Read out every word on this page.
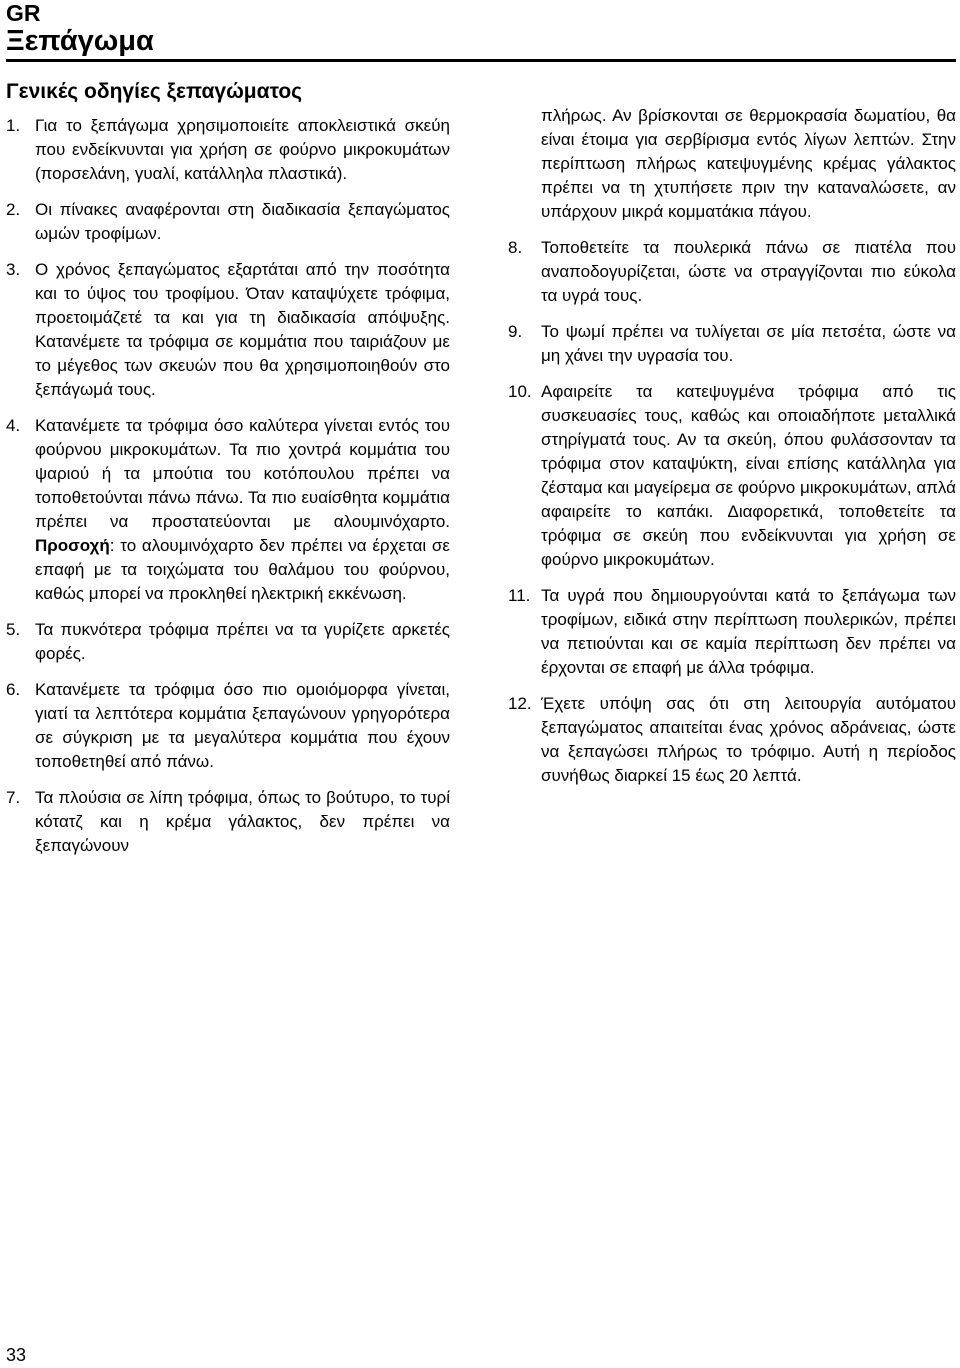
GR
Ξεπάγωμα
Γενικές οδηγίες ξεπαγώματος
1. Για το ξεπάγωμα χρησιμοποιείτε αποκλειστικά σκεύη που ενδείκνυνται για χρήση σε φούρνο μικροκυμάτων (πορσελάνη, γυαλί, κατάλληλα πλαστικά).
2. Οι πίνακες αναφέρονται στη διαδικασία ξεπαγώματος ωμών τροφίμων.
3. Ο χρόνος ξεπαγώματος εξαρτάται από την ποσότητα και το ύψος του τροφίμου. Όταν καταψύχετε τρόφιμα, προετοιμάζετέ τα και για τη διαδικασία απόψυξης. Κατανέμετε τα τρόφιμα σε κομμάτια που ταιριάζουν με το μέγεθος των σκευών που θα χρησιμοποιηθούν στο ξεπάγωμά τους.
4. Κατανέμετε τα τρόφιμα όσο καλύτερα γίνεται εντός του φούρνου μικροκυμάτων. Τα πιο χοντρά κομμάτια του ψαριού ή τα μπούτια του κοτόπουλου πρέπει να τοποθετούνται πάνω πάνω. Τα πιο ευαίσθητα κομμάτια πρέπει να προστατεύονται με αλουμινόχαρτο. Προσοχή: το αλουμινόχαρτο δεν πρέπει να έρχεται σε επαφή με τα τοιχώματα του θαλάμου του φούρνου, καθώς μπορεί να προκληθεί ηλεκτρική εκκένωση.
5. Τα πυκνότερα τρόφιμα πρέπει να τα γυρίζετε αρκετές φορές.
6. Κατανέμετε τα τρόφιμα όσο πιο ομοιόμορφα γίνεται, γιατί τα λεπτότερα κομμάτια ξεπαγώνουν γρηγορότερα σε σύγκριση με τα μεγαλύτερα κομμάτια που έχουν τοποθετηθεί από πάνω.
7. Τα πλούσια σε λίπη τρόφιμα, όπως το βούτυρο, το τυρί κότατζ και η κρέμα γάλακτος, δεν πρέπει να ξεπαγώνουν
πλήρως. Αν βρίσκονται σε θερμοκρασία δωματίου, θα είναι έτοιμα για σερβίρισμα εντός λίγων λεπτών. Στην περίπτωση πλήρως κατεψυγμένης κρέμας γάλακτος πρέπει να τη χτυπήσετε πριν την καταναλώσετε, αν υπάρχουν μικρά κομματάκια πάγου.
8.	Τοποθετείτε τα πουλερικά πάνω σε πιατέλα που αναποδογυρίζεται, ώστε να στραγγίζονται πιο εύκολα τα υγρά τους.
9.	Το ψωμί πρέπει να τυλίγεται σε μία πετσέτα, ώστε να μη χάνει την υγρασία του.
10. Αφαιρείτε τα κατεψυγμένα τρόφιμα από τις συσκευασίες τους, καθώς και οποιαδήποτε μεταλλικά στηρίγματά τους. Αν τα σκεύη, όπου φυλάσσονταν τα τρόφιμα στον καταψύκτη, είναι επίσης κατάλληλα για ζέσταμα και μαγείρεμα σε φούρνο μικροκυμάτων, απλά αφαιρείτε το καπάκι. Διαφορετικά, τοποθετείτε τα τρόφιμα σε σκεύη που ενδείκνυνται για χρήση σε φούρνο μικροκυμάτων.
11. Τα υγρά που δημιουργούνται κατά το ξεπάγωμα των τροφίμων, ειδικά στην περίπτωση πουλερικών, πρέπει να πετιούνται και σε καμία περίπτωση δεν πρέπει να έρχονται σε επαφή με άλλα τρόφιμα.
12. Έχετε υπόψη σας ότι στη λειτουργία αυτόματου ξεπαγώματος απαιτείται ένας χρόνος αδράνειας, ώστε να ξεπαγώσει πλήρως το τρόφιμο. Αυτή η περίοδος συνήθως διαρκεί 15 έως 20 λεπτά.
33
